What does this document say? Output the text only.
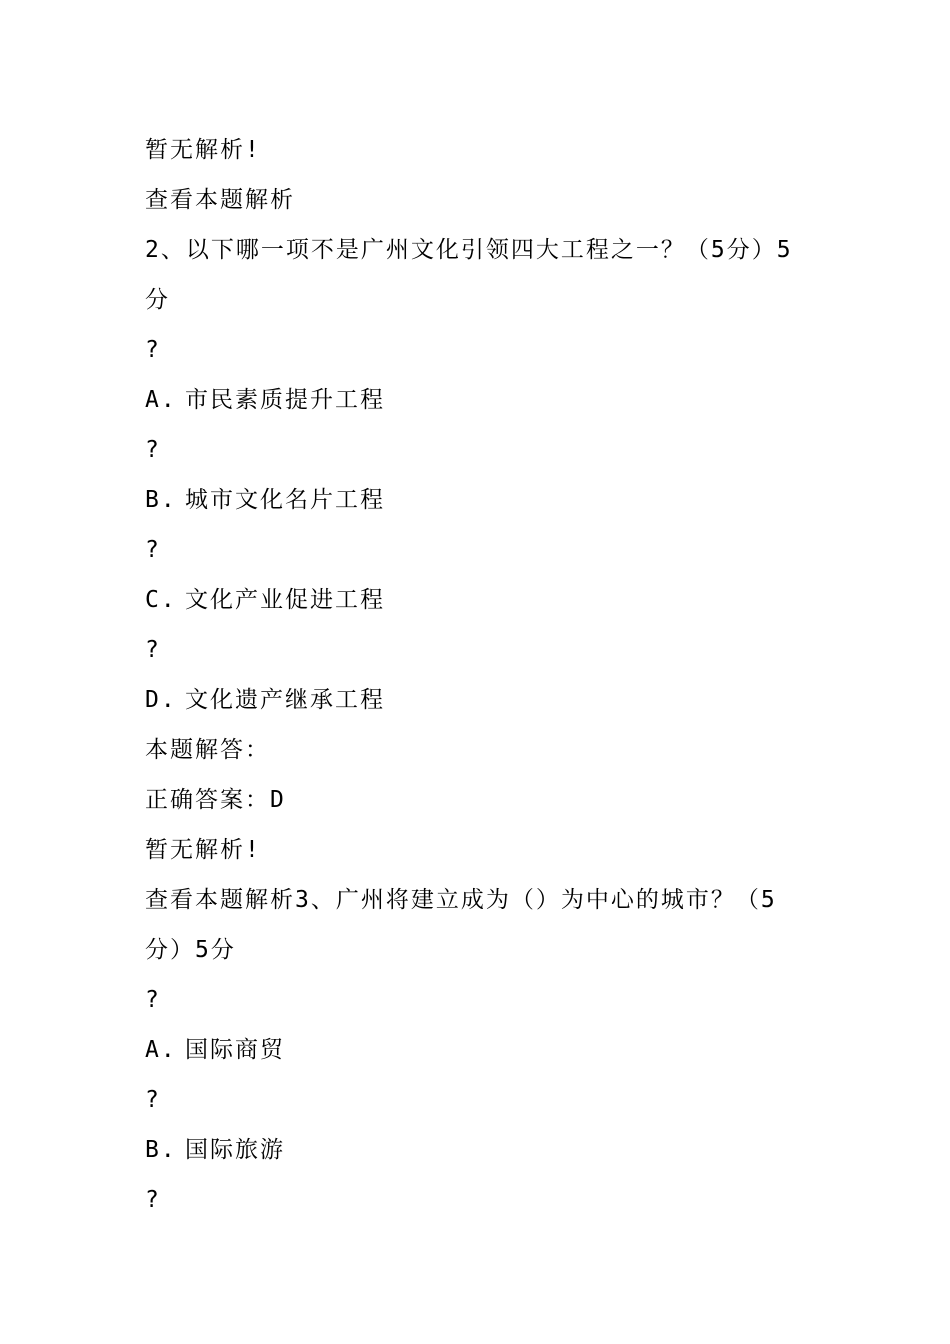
暂无解析!
查看本题解析
2、以下哪一项不是广州文化引领四大工程之一？（5分）5
分
?
A. 市民素质提升工程
?
B. 城市文化名片工程
?
C. 文化产业促进工程
?
D. 文化遗产继承工程
本题解答：
正确答案：D
暂无解析!
查看本题解析3、广州将建立成为（）为中心的城市？（5
分）5分
?
A. 国际商贸
?
B. 国际旅游
?
